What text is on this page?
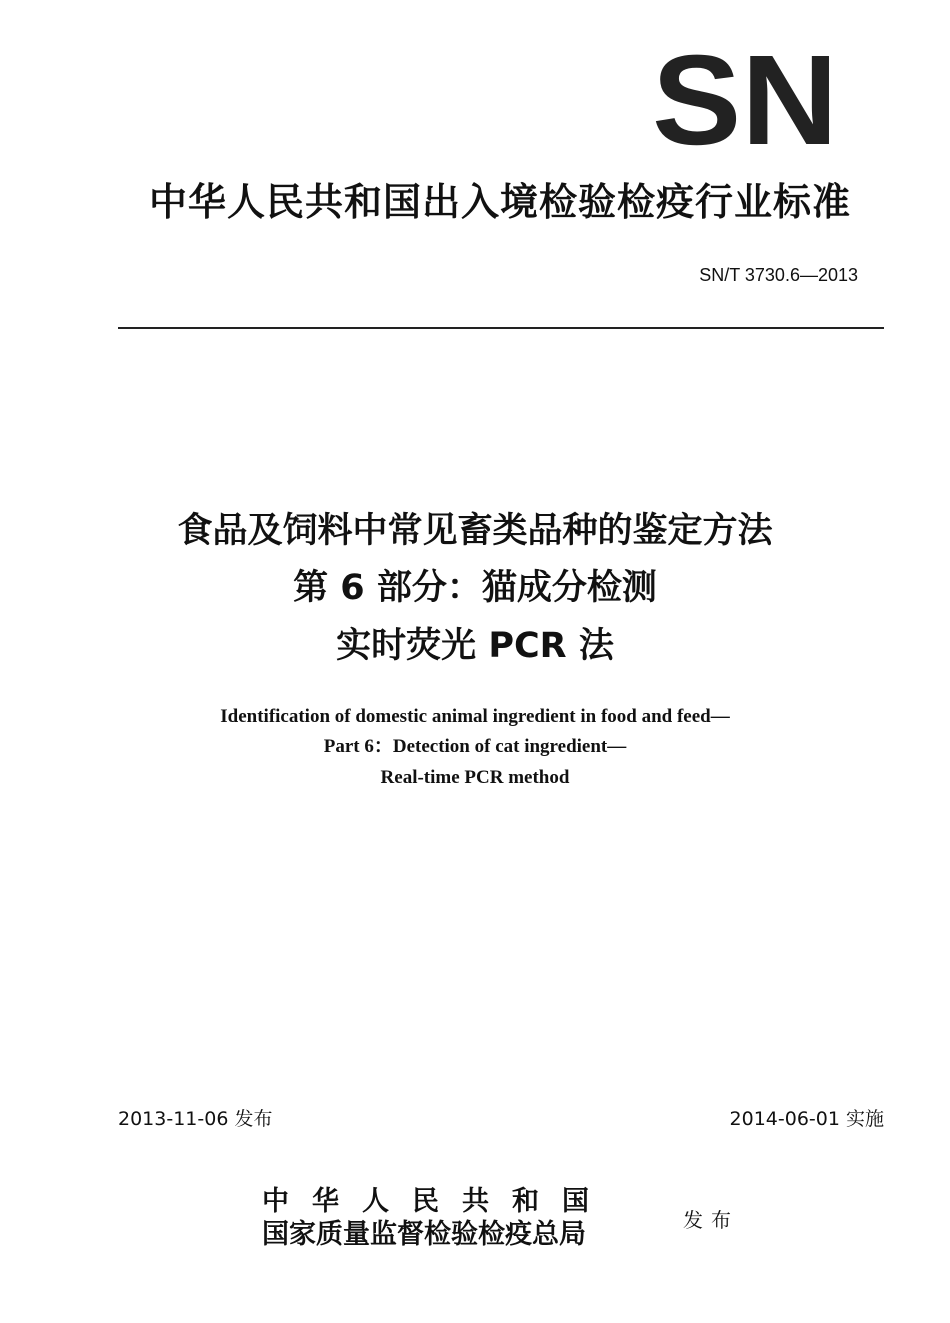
SN
中华人民共和国出入境检验检疫行业标准
SN/T 3730.6—2013
食品及饲料中常见畜类品种的鉴定方法
第 6 部分：猫成分检测
实时荧光 PCR 法
Identification of domestic animal ingredient in food and feed—
Part 6：Detection of cat ingredient—
Real-time PCR method
2013-11-06 发布	2014-06-01 实施
中华人民共和国
国家质量监督检验检疫总局	发布
